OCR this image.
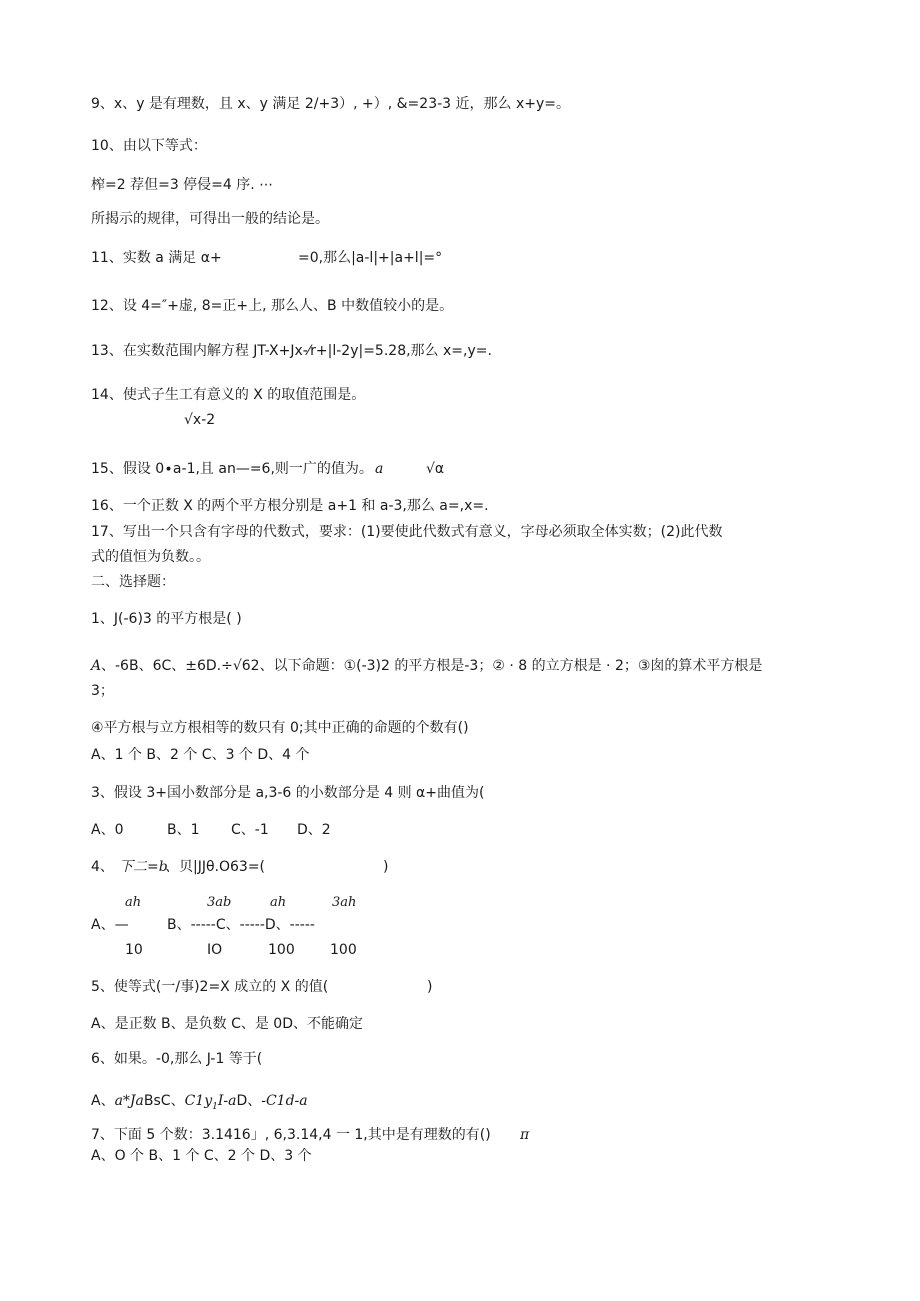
9、x、y 是有理数，且 x、y 满足 2/+3）, +）, &=23-3 近，那么 x+y=。
10、由以下等式：
榨=2 荐但=3 停侵=4 序. ⋯
所揭示的规律，可得出一般的结论是。
11、实数 a 满足 α+	=0,那么|a-l|+|a+l|=°
12、设 4=″+虚, 8=正+上, 那么人、B 中数值较小的是。
13、在实数范围内解方程 JT-X+Jx-⁄r+|l-2y|=5.28,那么 x=,y=.
14、使式子生工有意义的 X 的取值范围是。
√x-2
15、假设 0∙a-1,且 an—=6,则一广的值为。 a	√α
16、一个正数 X 的两个平方根分别是 a+1 和 a-3,那么 a=,x=.
17、写出一个只含有字母的代数式，要求：(1)要使此代数式有意义，字母必须取全体实数；(2)此代数
式的值恒为负数。。
二、选择题：
1、J(-6)3 的平方根是( )
A 、-6B、6C、±6D.÷√62、以下命题：①(-3)2 的平方根是-3；② · 8 的立方根是 · 2；③囱的算术平方根是
3；
④平方根与立方根相等的数只有 0;其中正确的命题的个数有()
A、1 个 B、2 个 C、3 个 D、4 个
3、假设 3+国小数部分是 a,3-6 的小数部分是 4 则 α+曲值为(
A、0	B、1 C、-1 D、2
4、 下二=b
、贝|JJθ.O63=(	)
ah	3ab	ah	3ah
A、—	B、-----C、-----D、-----
10	IO	100	100
5、使等式(一/事)2=X 成立的 X 的值(	)
A、是正数 B、是负数 C、是 0D、不能确定
6、如果。-0,那么 J-1 等于(
A、a*JaBsC、$C1y_1I-aD$、-C1d-a
7、下面 5 个数：3.1416」, 6,3.14,4 一 1,其中是有理数的有() π
A、O 个 B、1 个 C、2 个 D、3 个
